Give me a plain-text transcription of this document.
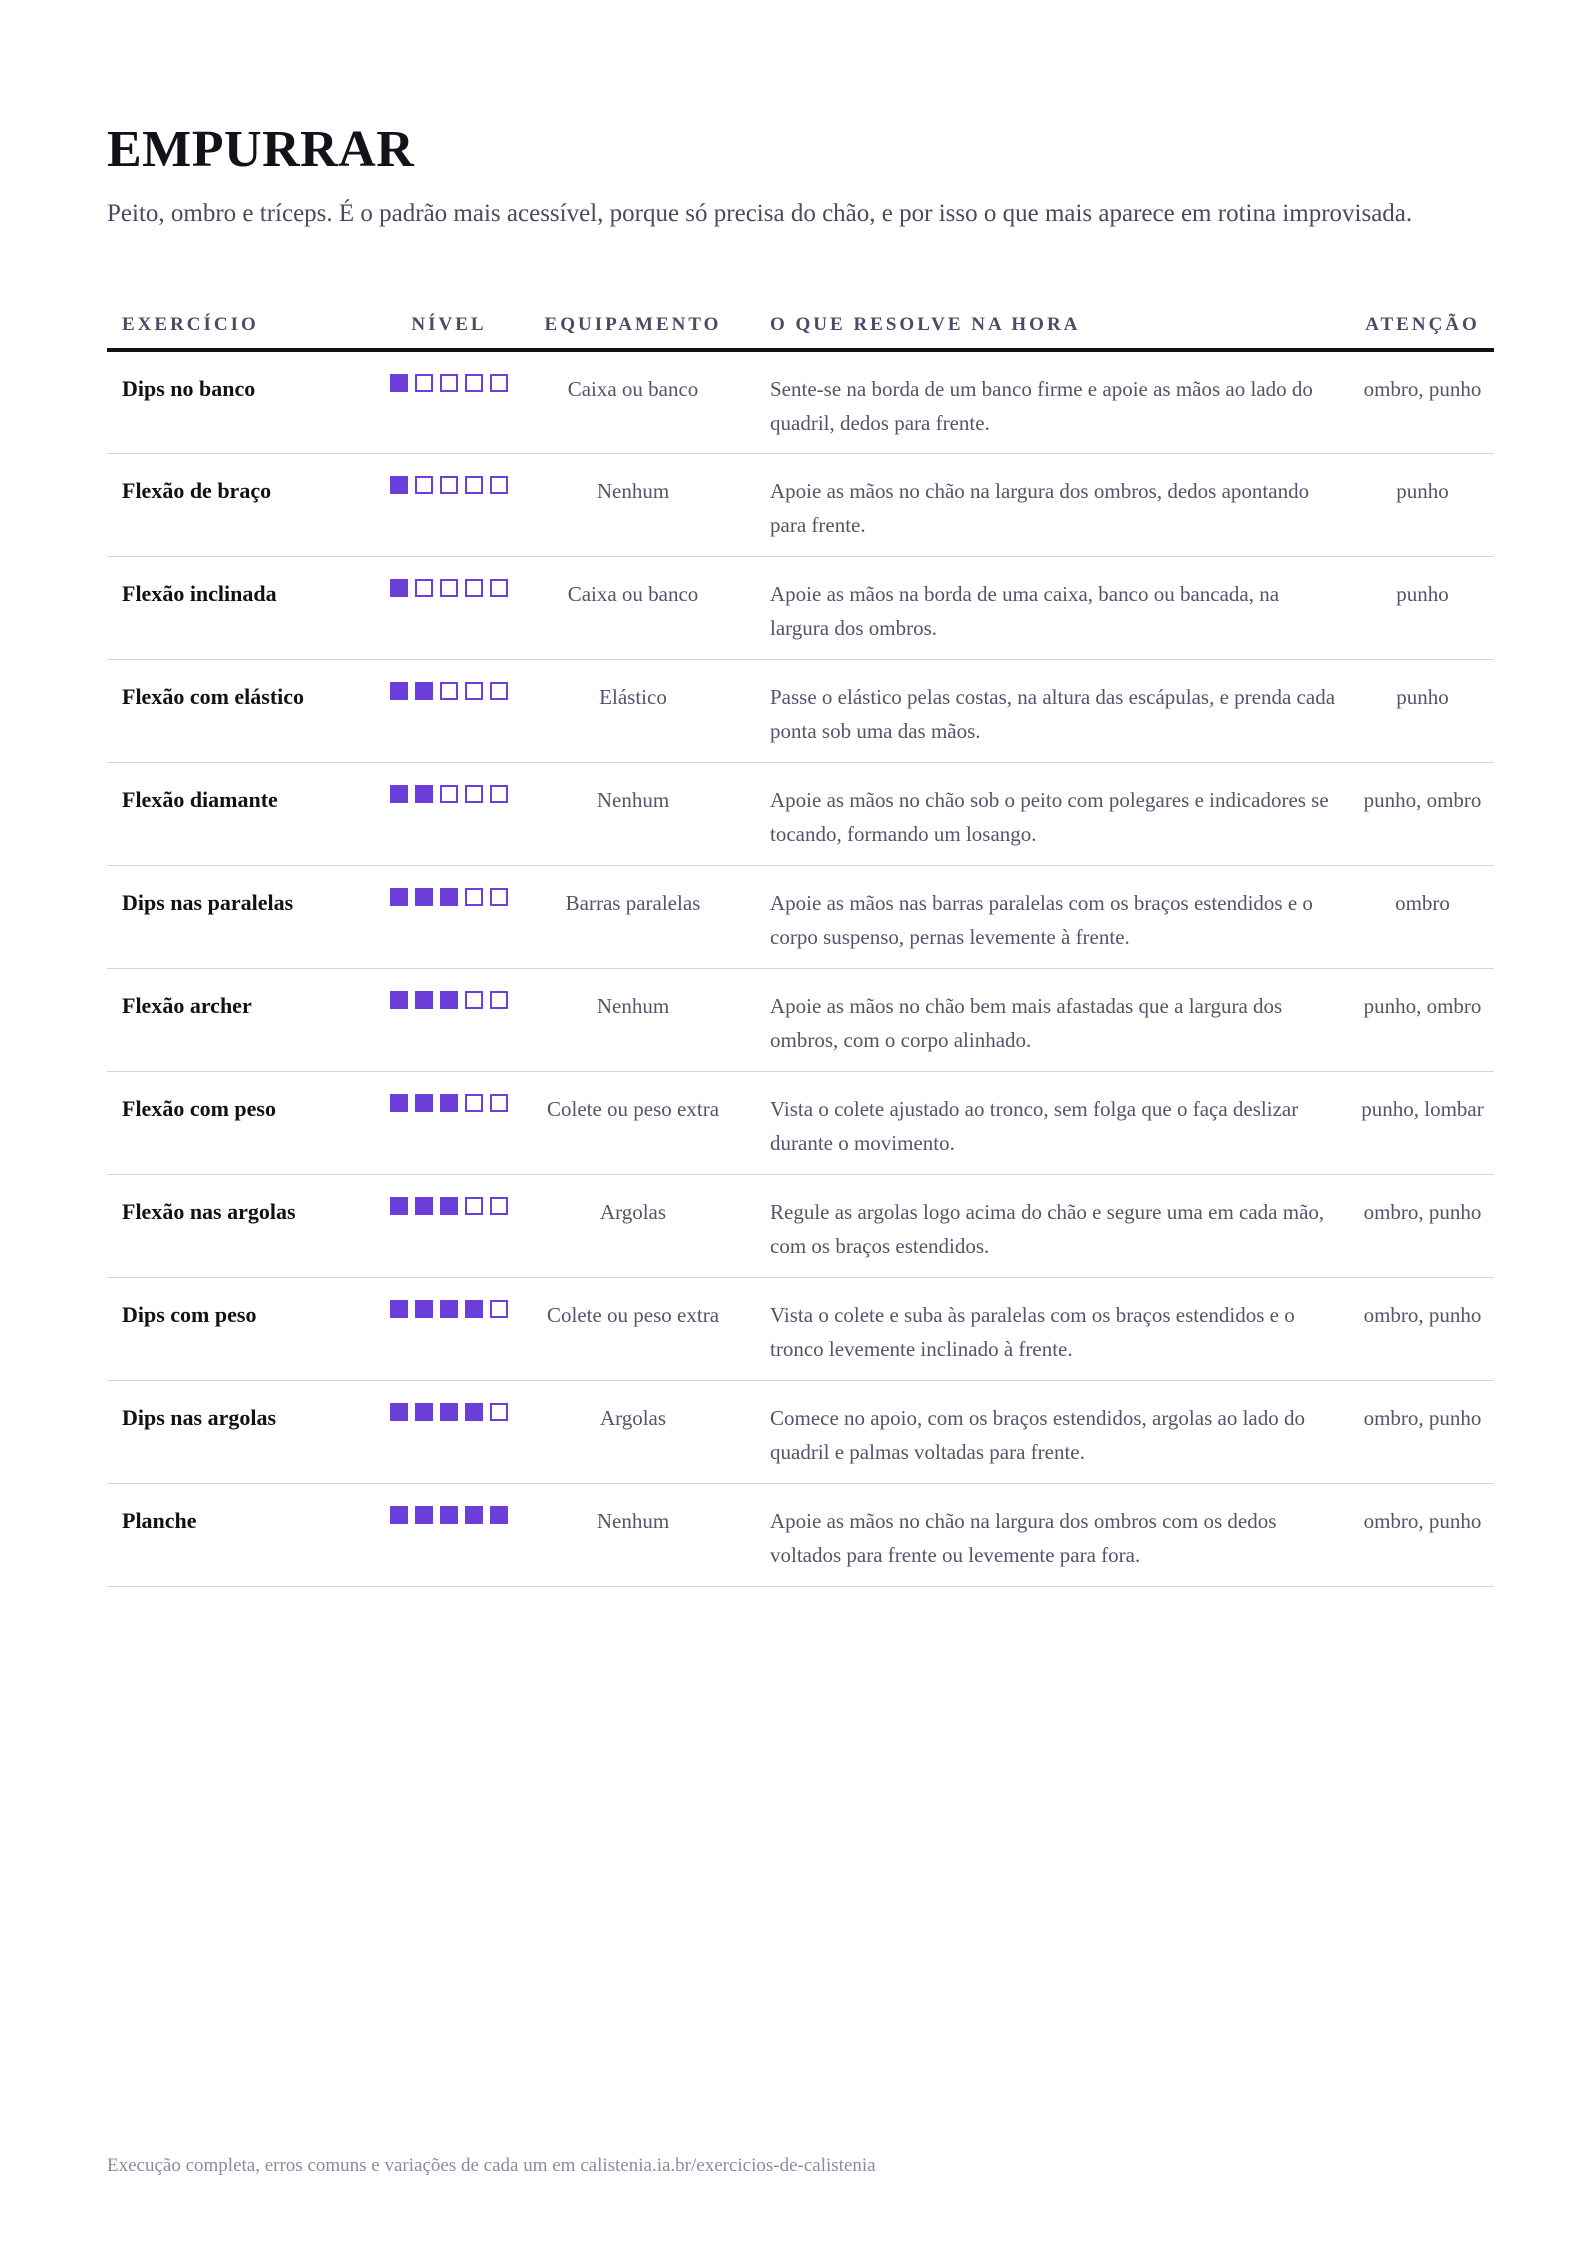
EMPURRAR

Peito, ombro e tríceps. É o padrão mais acessível, porque só precisa do chão, e por isso o que mais aparece em rotina improvisada.

EXERCÍCIO	NÍVEL	EQUIPAMENTO	O QUE RESOLVE NA HORA	ATENÇÃO
Dips no banco		Caixa ou banco	Sente-se na borda de um banco firme e apoie as mãos ao lado do quadril, dedos para frente.	ombro, punho
Flexão de braço		Nenhum	Apoie as mãos no chão na largura dos ombros, dedos apontando para frente.	punho
Flexão inclinada		Caixa ou banco	Apoie as mãos na borda de uma caixa, banco ou bancada, na largura dos ombros.	punho
Flexão com elástico		Elástico	Passe o elástico pelas costas, na altura das escápulas, e prenda cada ponta sob uma das mãos.	punho
Flexão diamante		Nenhum	Apoie as mãos no chão sob o peito com polegares e indicadores se tocando, formando um losango.	punho, ombro
Dips nas paralelas		Barras paralelas	Apoie as mãos nas barras paralelas com os braços estendidos e o corpo suspenso, pernas levemente à frente.	ombro
Flexão archer		Nenhum	Apoie as mãos no chão bem mais afastadas que a largura dos ombros, com o corpo alinhado.	punho, ombro
Flexão com peso		Colete ou peso extra	Vista o colete ajustado ao tronco, sem folga que o faça deslizar durante o movimento.	punho, lombar
Flexão nas argolas		Argolas	Regule as argolas logo acima do chão e segure uma em cada mão, com os braços estendidos.	ombro, punho
Dips com peso		Colete ou peso extra	Vista o colete e suba às paralelas com os braços estendidos e o tronco levemente inclinado à frente.	ombro, punho
Dips nas argolas		Argolas	Comece no apoio, com os braços estendidos, argolas ao lado do quadril e palmas voltadas para frente.	ombro, punho
Planche		Nenhum	Apoie as mãos no chão na largura dos ombros com os dedos voltados para frente ou levemente para fora.	ombro, punho
Execução completa, erros comuns e variações de cada um em calistenia.ia.br/exercicios-de-calistenia
